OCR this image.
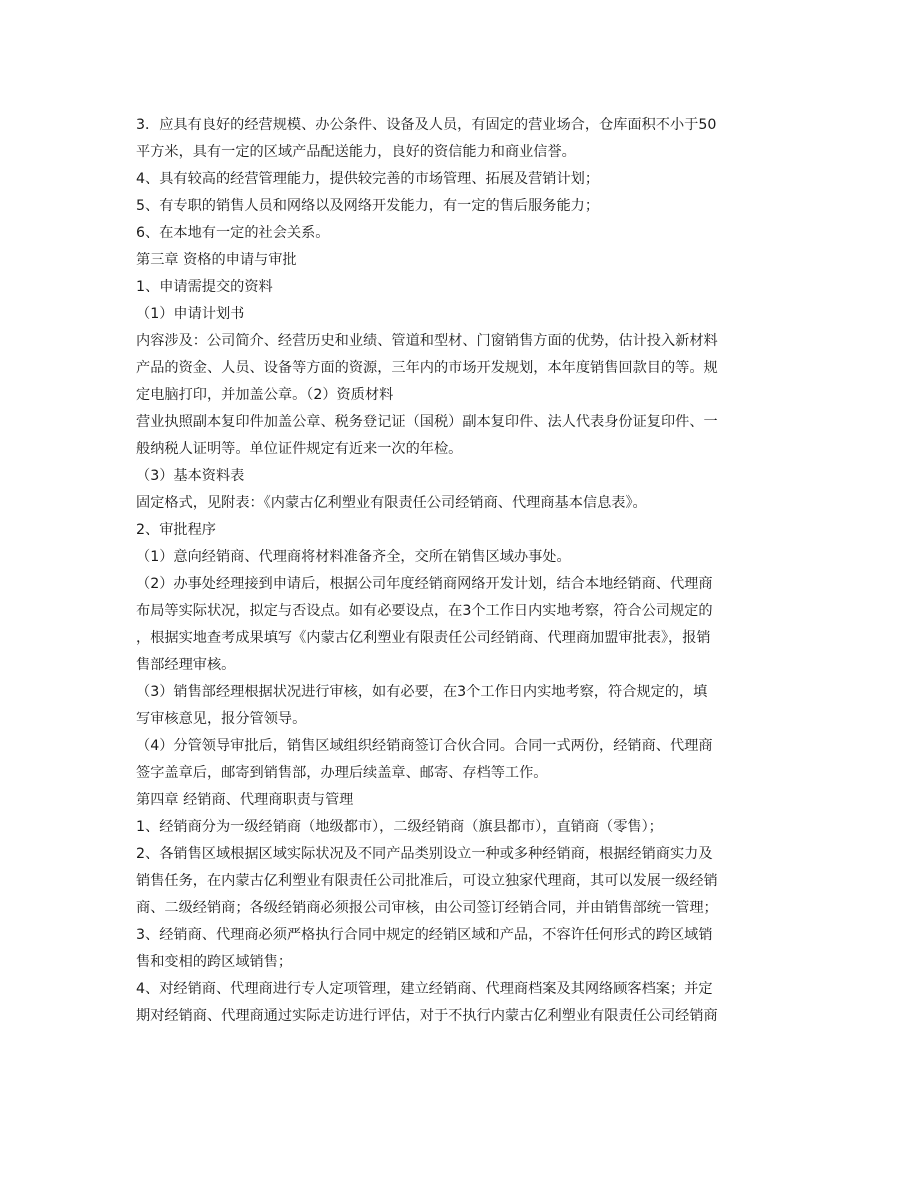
3．应具有良好的经营规模、办公条件、设备及人员，有固定的营业场合，仓库面积不小于50
平方米，具有一定的区域产品配送能力，良好的资信能力和商业信誉。
4、具有较高的经营管理能力，提供较完善的市场管理、拓展及营销计划；
5、有专职的销售人员和网络以及网络开发能力，有一定的售后服务能力；
6、在本地有一定的社会关系。
第三章 资格的申请与审批
1、申请需提交的资料
（1）申请计划书
内容涉及：公司简介、经营历史和业绩、管道和型材、门窗销售方面的优势，估计投入新材料
产品的资金、人员、设备等方面的资源，三年内的市场开发规划，本年度销售回款目的等。规
定电脑打印，并加盖公章。（2）资质材料
营业执照副本复印件加盖公章、税务登记证（国税）副本复印件、法人代表身份证复印件、一
般纳税人证明等。单位证件规定有近来一次的年检。
（3）基本资料表
固定格式，见附表：《内蒙古亿利塑业有限责任公司经销商、代理商基本信息表》。
2、审批程序
（1）意向经销商、代理商将材料准备齐全，交所在销售区域办事处。
（2）办事处经理接到申请后，根据公司年度经销商网络开发计划，结合本地经销商、代理商
布局等实际状况，拟定与否设点。如有必要设点，在3个工作日内实地考察，符合公司规定的
，根据实地查考成果填写《内蒙古亿利塑业有限责任公司经销商、代理商加盟审批表》，报销
售部经理审核。
（3）销售部经理根据状况进行审核，如有必要，在3个工作日内实地考察，符合规定的，填
写审核意见，报分管领导。
（4）分管领导审批后，销售区域组织经销商签订合伙合同。合同一式两份，经销商、代理商
签字盖章后，邮寄到销售部，办理后续盖章、邮寄、存档等工作。
第四章 经销商、代理商职责与管理
1、经销商分为一级经销商（地级都市），二级经销商（旗县都市），直销商（零售）；
2、各销售区域根据区域实际状况及不同产品类别设立一种或多种经销商，根据经销商实力及
销售任务，在内蒙古亿利塑业有限责任公司批准后，可设立独家代理商，其可以发展一级经销
商、二级经销商；各级经销商必须报公司审核，由公司签订经销合同，并由销售部统一管理；
3、经销商、代理商必须严格执行合同中规定的经销区域和产品，不容许任何形式的跨区域销
售和变相的跨区域销售；
4、对经销商、代理商进行专人定项管理，建立经销商、代理商档案及其网络顾客档案；并定
期对经销商、代理商通过实际走访进行评估，对于不执行内蒙古亿利塑业有限责任公司经销商
